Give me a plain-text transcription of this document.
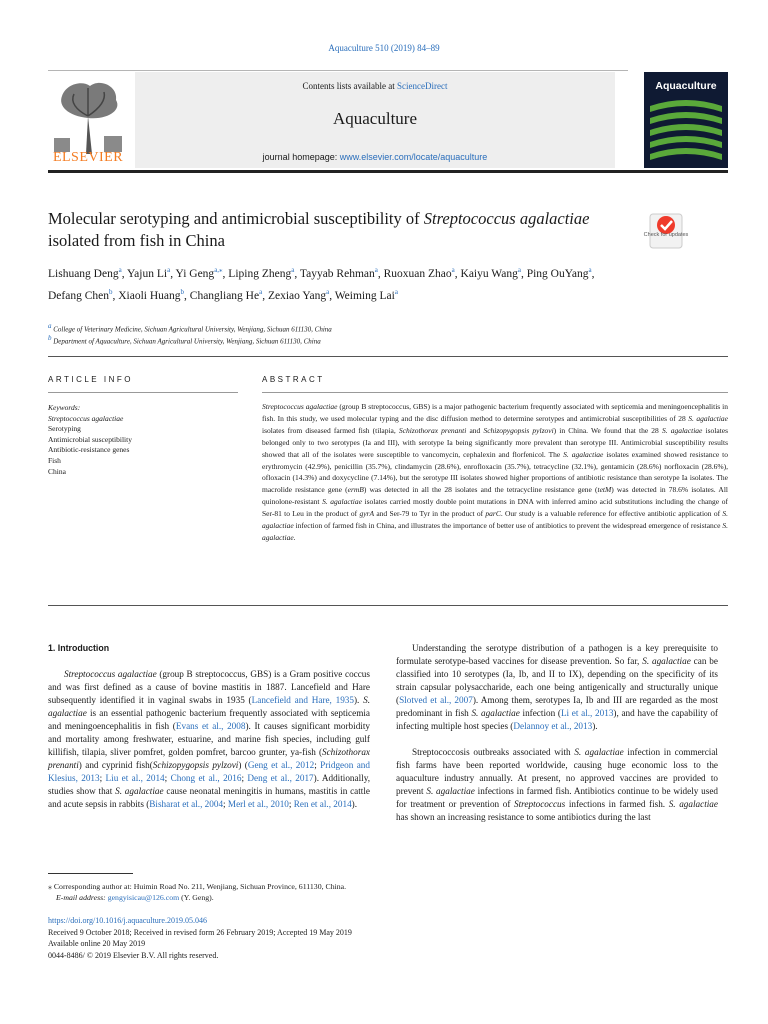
Aquaculture 510 (2019) 84–89
ELSEVIER
Contents lists available at ScienceDirect
Aquaculture
journal homepage: www.elsevier.com/locate/aquaculture
Aquaculture
Molecular serotyping and antimicrobial susceptibility of Streptococcus agalactiae isolated from fish in China	Check for updates
Lishuang Deng$^a$, Yajun Li$^a$, Yi Geng$^{a,⁎}$, Liping Zheng$^a$, Tayyab Rehman$^a$, Ruoxuan Zhao$^a$, Kaiyu Wang$^a$, Ping OuYang$^a$, Defang Chen$^b$, Xiaoli Huang$^b$, Changliang He$^a$, Zexiao Yang$^a$, Weiming Lai$^a$
$^a$ College of Veterinary Medicine, Sichuan Agricultural University, Wenjiang, Sichuan 611130, China
$^b$ Department of Aquaculture, Sichuan Agricultural University, Wenjiang, Sichuan 611130, China
ARTICLE INFO	ABSTRACT
Keywords:
Streptococcus agalactiae
Serotyping
Antimicrobial susceptibility
Antibiotic-resistance genes
Fish
China
Streptococcus agalactiae (group B streptococcus, GBS) is a major pathogenic bacterium frequently associated with septicemia and meningoencephalitis in fish. In this study, we used molecular typing and the disc diffusion method to determine serotypes and antimicrobial susceptibilities of 28 S. agalactiae isolates from diseased farmed fish (tilapia, Schizothorax prenanti and Schizopygopsis pylzovi) in China. We found that the 28 S. agalactiae isolates belonged only to two serotypes (Ia and III), with serotype Ia being significantly more prevalent than serotype III. Antimicrobial susceptibility results showed that all of the isolates were susceptible to vancomycin, cephalexin and florfenicol. The S. agalactiae isolates examined showed resistance to erythromycin (42.9%), penicillin (35.7%), clindamycin (28.6%), enrofloxacin (35.7%), tetracycline (32.1%), gentamicin (28.6%) norfloxacin (28.6%), ofloxacin (14.3%) and doxycycline (7.14%), but the serotype III isolates showed higher proportions of antibiotic resistance than serotype Ia isolates. The macrolide resistance gene (ermB) was detected in all the 28 isolates and the tetracycline resistance gene (tetM) was detected in 78.6% isolates. All quinolone-resistant S. agalactiae isolates carried mostly double point mutations in DNA with inferred amino acid substitutions including the change of Ser-81 to Leu in the product of gyrA and Ser-79 to Tyr in the product of parC. Our study is a valuable reference for effective antibiotic application of S. agalactiae infection of farmed fish in China, and illustrates the importance of better use of antibiotics to prevent the widespread emergence of resistance S. agalactiae.
1. Introduction

Streptococcus agalactiae (group B streptococcus, GBS) is a Gram positive coccus and was first defined as a cause of bovine mastitis in 1887. Lancefield and Hare subsequently identified it in vaginal swabs in 1935 (Lancefield and Hare, 1935). S. agalactiae is an essential pathogenic bacterium frequently associated with septicemia and meningoencephalitis in fish (Evans et al., 2008). It causes significant morbidity and mortality among freshwater, estuarine, and marine fish species, including gulf killifish, tilapia, sliver pomfret, golden pomfret, barcoo grunter, ya-fish (Schizothorax prenanti) and cyprinid fish(Schizopygopsis pylzovi) (Geng et al., 2012; Pridgeon and Klesius, 2013; Liu et al., 2014; Chong et al., 2016; Deng et al., 2017). Additionally, studies show that S. agalactiae cause neonatal meningitis in humans, mastitis in cattle and acute sepsis in rabbits (Bisharat et al., 2004; Merl et al., 2010; Ren et al., 2014).

Understanding the serotype distribution of a pathogen is a key prerequisite to formulate serotype-based vaccines for disease prevention. So far, S. agalactiae can be classified into 10 serotypes (Ia, Ib, and II to IX), depending on the specificity of its strain capsular polysaccharide, each one being antigenically and structurally unique (Slotved et al., 2007). Among them, serotypes Ia, Ib and III are regarded as the most predominant in fish S. agalactiae infection (Li et al., 2013), and have the capability of infecting multiple host species (Delannoy et al., 2013).

Streptococcosis outbreaks associated with S. agalactiae infection in commercial fish farms have been reported worldwide, causing huge economic loss to the aquaculture industry annually. At present, no approved vaccines are provided to prevent S. agalactiae infections in farmed fish. Antibiotics continue to be widely used for treatment or prevention of Streptococcus infections in farmed fish. S. agalactiae has shown an increasing resistance to some antibiotics during the last

⁎ Corresponding author at: Huimin Road No. 211, Wenjiang, Sichuan Province, 611130, China.
E-mail address: gengyisicau@126.com (Y. Geng).
https://doi.org/10.1016/j.aquaculture.2019.05.046
Received 9 October 2018; Received in revised form 26 February 2019; Accepted 19 May 2019
Available online 20 May 2019
0044-8486/ © 2019 Elsevier B.V. All rights reserved.
